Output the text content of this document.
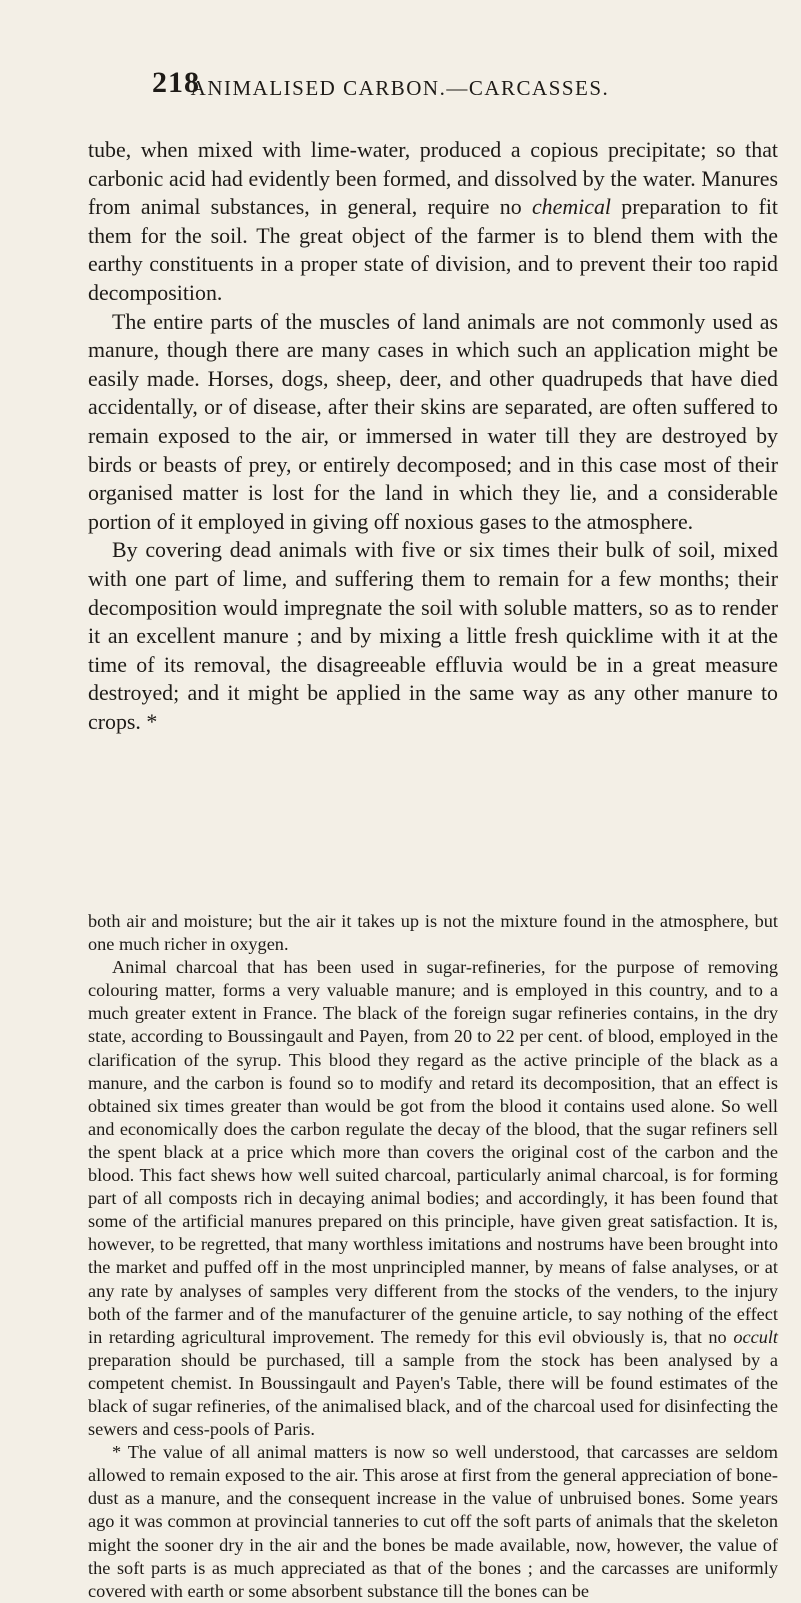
218
ANIMALISED CARBON.—CARCASSES.

tube, when mixed with lime-water, produced a copious precipitate; so that carbonic acid had evidently been formed, and dissolved by the water. Manures from animal substances, in general, require no chemical preparation to fit them for the soil. The great object of the farmer is to blend them with the earthy constituents in a proper state of division, and to prevent their too rapid decomposition.

The entire parts of the muscles of land animals are not commonly used as manure, though there are many cases in which such an application might be easily made. Horses, dogs, sheep, deer, and other quadrupeds that have died accidentally, or of disease, after their skins are separated, are often suffered to remain exposed to the air, or immersed in water till they are destroyed by birds or beasts of prey, or entirely decomposed; and in this case most of their organised matter is lost for the land in which they lie, and a considerable portion of it employed in giving off noxious gases to the atmosphere.

By covering dead animals with five or six times their bulk of soil, mixed with one part of lime, and suffering them to remain for a few months; their decomposition would impregnate the soil with soluble matters, so as to render it an excellent manure ; and by mixing a little fresh quicklime with it at the time of its removal, the disagreeable effluvia would be in a great measure destroyed; and it might be applied in the same way as any other manure to crops. *

both air and moisture; but the air it takes up is not the mixture found in the atmosphere, but one much richer in oxygen.

Animal charcoal that has been used in sugar-refineries, for the purpose of removing colouring matter, forms a very valuable manure; and is employed in this country, and to a much greater extent in France. The black of the foreign sugar refineries contains, in the dry state, according to Boussingault and Payen, from 20 to 22 per cent. of blood, employed in the clarification of the syrup. This blood they regard as the active principle of the black as a manure, and the carbon is found so to modify and retard its decomposition, that an effect is obtained six times greater than would be got from the blood it contains used alone. So well and economically does the carbon regulate the decay of the blood, that the sugar refiners sell the spent black at a price which more than covers the original cost of the carbon and the blood. This fact shews how well suited charcoal, particularly animal charcoal, is for forming part of all composts rich in decaying animal bodies; and accordingly, it has been found that some of the artificial manures prepared on this principle, have given great satisfaction. It is, however, to be regretted, that many worthless imitations and nostrums have been brought into the market and puffed off in the most unprincipled manner, by means of false analyses, or at any rate by analyses of samples very different from the stocks of the venders, to the injury both of the farmer and of the manufacturer of the genuine article, to say nothing of the effect in retarding agricultural improvement. The remedy for this evil obviously is, that no occult preparation should be purchased, till a sample from the stock has been analysed by a competent chemist. In Boussingault and Payen's Table, there will be found estimates of the black of sugar refineries, of the animalised black, and of the charcoal used for disinfecting the sewers and cess-pools of Paris.

* The value of all animal matters is now so well understood, that carcasses are seldom allowed to remain exposed to the air. This arose at first from the general appreciation of bone-dust as a manure, and the consequent increase in the value of unbruised bones. Some years ago it was common at provincial tanneries to cut off the soft parts of animals that the skeleton might the sooner dry in the air and the bones be made available, now, however, the value of the soft parts is as much appreciated as that of the bones ; and the carcasses are uniformly covered with earth or some absorbent substance till the bones can be
